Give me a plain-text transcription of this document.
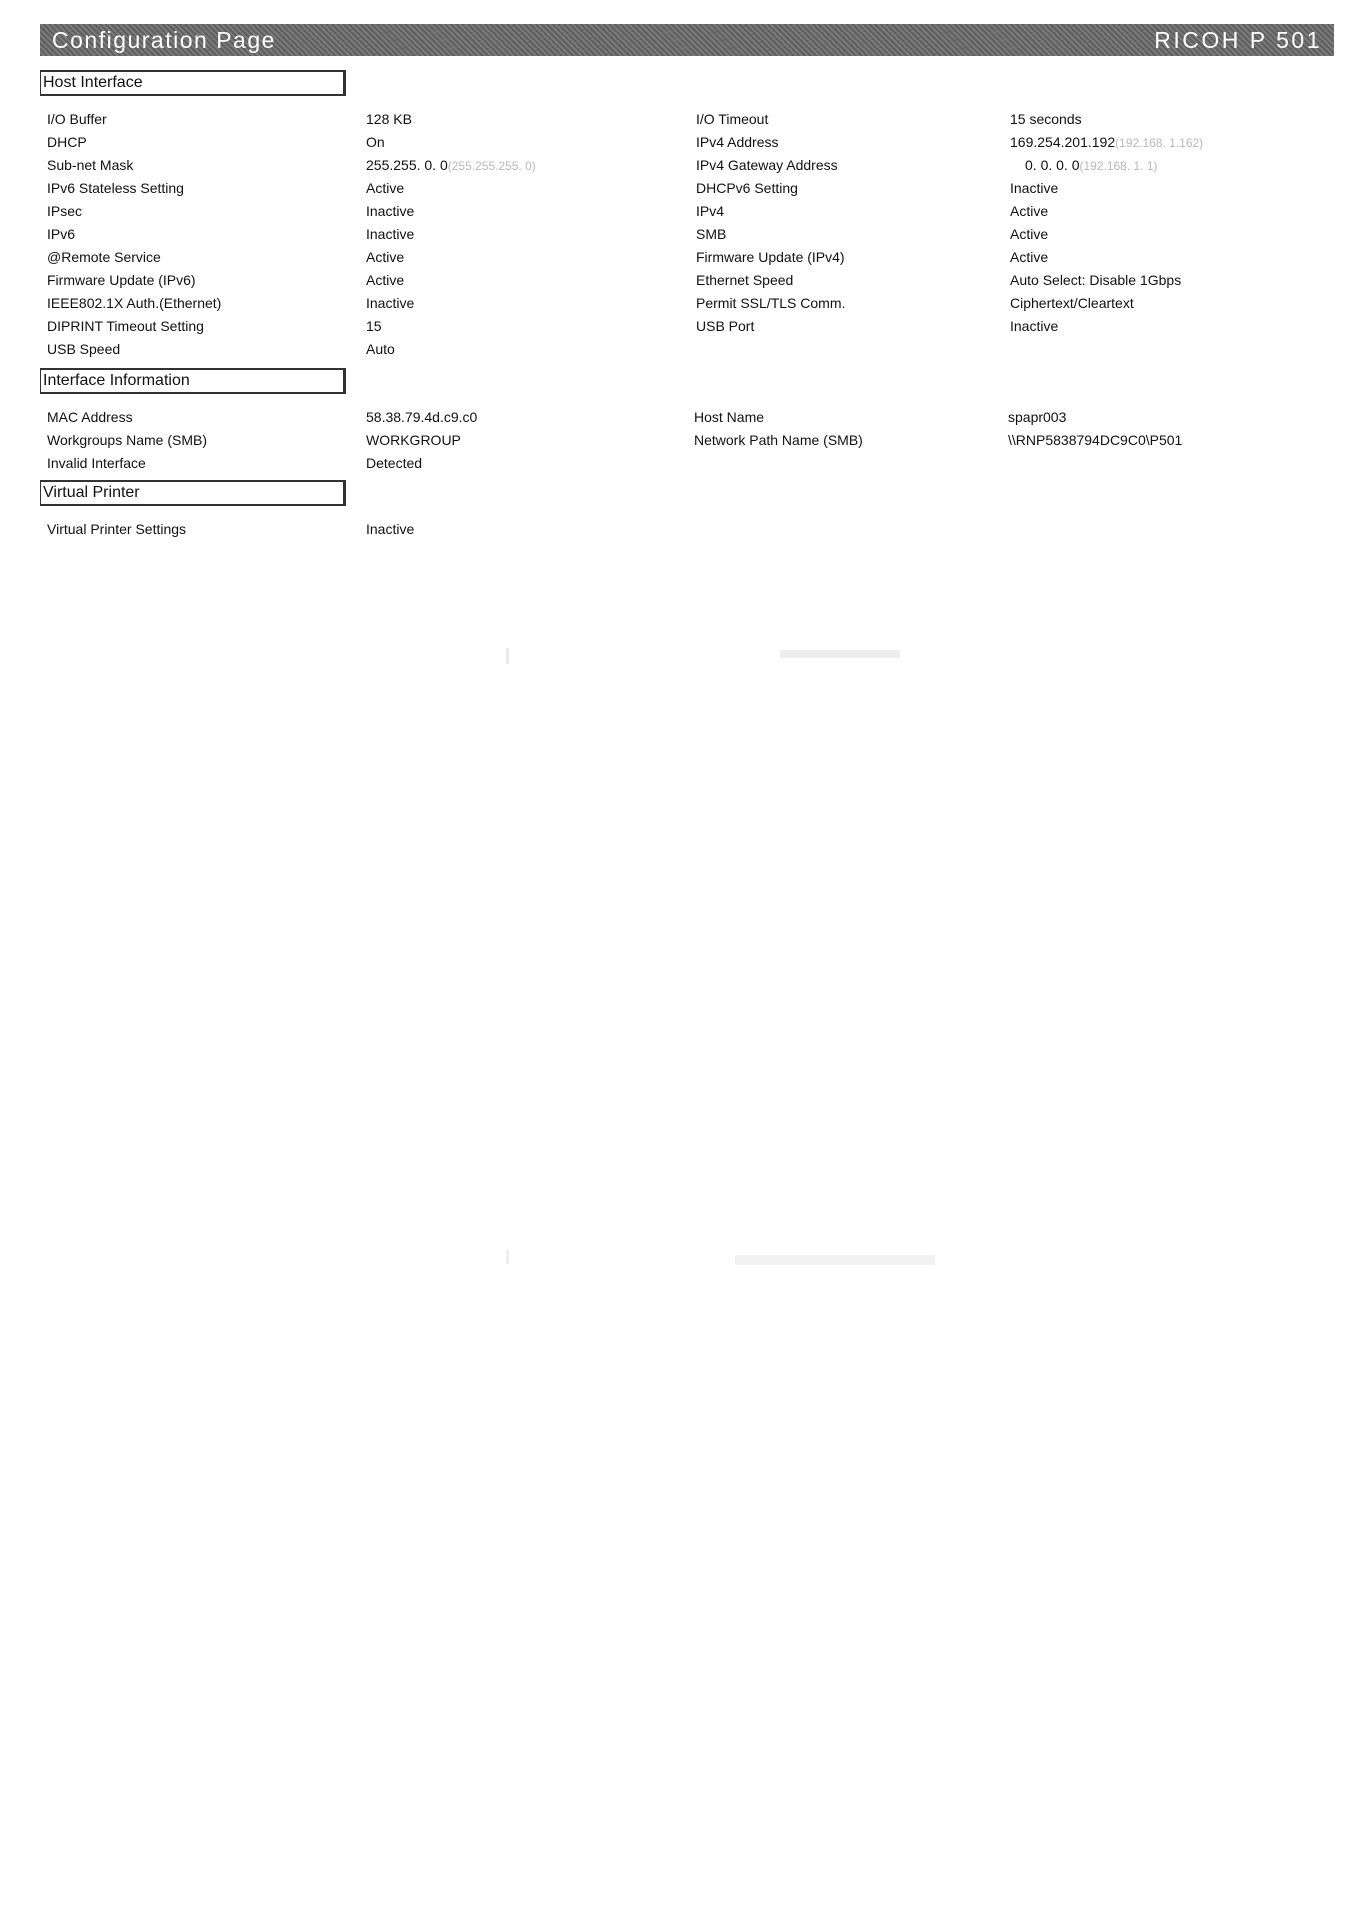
Configuration Page	RICOH P 501
Host Interface
I/O Buffer	128 KB	I/O Timeout	15 seconds
DHCP	On	IPv4 Address	169.254.201.192(192.168. 1.162)
Sub-net Mask	255.255. 0. 0(255.255.255. 0)	IPv4 Gateway Address	0. 0. 0. 0(192.168. 1. 1)
IPv6 Stateless Setting	Active	DHCPv6 Setting	Inactive
IPsec	Inactive	IPv4	Active
IPv6	Inactive	SMB	Active
@Remote Service	Active	Firmware Update (IPv4)	Active
Firmware Update (IPv6)	Active	Ethernet Speed	Auto Select: Disable 1Gbps
IEEE802.1X Auth.(Ethernet)	Inactive	Permit SSL/TLS Comm.	Ciphertext/Cleartext
DIPRINT Timeout Setting	15	USB Port	Inactive
USB Speed	Auto
Interface Information
MAC Address	58.38.79.4d.c9.c0	Host Name	spapr003
Workgroups Name (SMB)	WORKGROUP	Network Path Name (SMB)	\\RNP5838794DC9C0\P501
Invalid Interface	Detected
Virtual Printer
Virtual Printer Settings	Inactive
